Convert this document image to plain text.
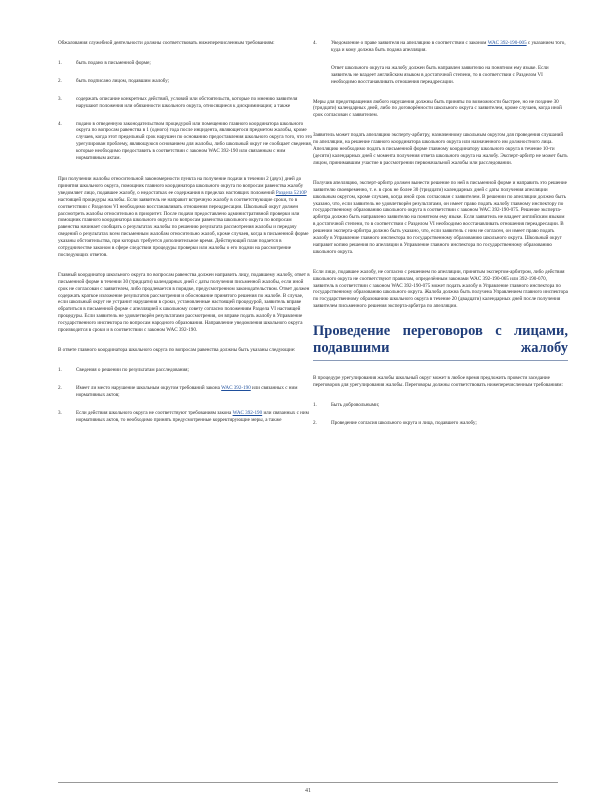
Обжалования служебной деятельности должны соответствовать нижеперечисленным требованиям:

1.	быть подано в письменной форме;
2.	быть подписано лицом, подавшим жалобу;
3.	содержать описание конкретных действий, условий или обстоятельств, которые по мнению заявителя нарушают положения или обязанности школьного округа, относящиеся к дискриминации; а также
4.	подано в отведенную законодательством процедурой или помещению главного координатора школьного округа по вопросам равенства в 1 (одного) года после инцидента, являющегося предметом жалобы, кроме случаев, когда этот предельный срок нарушен по основанию предоставления школьного округа того, что это урегулирован проблему, являющуюся основанием для жалобы, либо школьный округ не сообщает сведения, которые необходимо предоставить в соответствии с законом WAC 392-190 или связанным с ним нормативным актам.

При получении жалобы относительной закономерности пункта на получение подачи в течении 2 (двух) дней до принятия школьного округа, помощник главного координатора школьного округа по вопросам равенства жалобу уведомляет лицо, подавшее жалобу, о недостатках ее содержания в пределах настоящих положений Раздела 5210P настоящей процедуры жалобы. Если заявитель не направит встречную жалобу в соответствующие сроки, то в соответствии с Разделом VI необходимо восстанавливать отношения переадресации. Школьный округ должен рассмотреть жалобы относительно в приоритет. После подачи предоставлено административной проверки или помощник главного координатора школьного округа по вопросам равенства школьного округа по вопросам равенства начинает сообщать о результатах жалобы по решению результата рассмотрения жалобы и передачу сведений о результатах всем письменным жалобам относительно жалоб, кроме случаев, когда в письменной форме указаны обстоятельства, при которых требуется дополнительное время. Действующий план подается в сотрудничестве законом в сфере следствии процедуры проверки или жалобы о его подачи на рассмотрение последующих ответов.

Главный координатор школьного округа по вопросам равенства должен направить лицу, подавшему жалобу, ответ в письменной форме в течении 30 (тридцати) календарных дней с даты получения письменной жалобы, если иной срок не согласован с заявителем, либо продлевается в порядке, предусмотренном законодательством. Ответ должен содержать краткое изложение результатов рассмотрения и обоснование принятого решения по жалобе. В случае, если школьный округ не устранит нарушения в сроки, установленные настоящей процедурой, заявитель вправе обратиться в письменной форме с апелляцией к школьному совету согласно положениям Раздела VI настоящей процедуры. Если заявитель не удовлетворён результатами рассмотрения, он вправе подать жалобу в Управление государственного инспектора по вопросам народного образования. Направление уведомления школьного округа производится в сроки и в соответствии с законом WAC 392-190.

В ответе главного координатора школьного округа по вопросам равенства должны быть указаны следующие:

1.	Сведения о решении по результатам расследования;
2.	Имеет ли место нарушение школьным округом требований закона WAC 392-190 или связанных с ним нормативных актов;
3.	Если действия школьного округа не соответствуют требованиям закона WAC 392-190 или связанных с ним нормативных актов, то необходимо принять предусмотренные корректирующие меры, а также
4.	Уведомление о праве заявителя на апелляцию в соответствии с законом WAC 392-190-005 с указанием того, куда и кому должна быть подана апелляция.

Ответ школьного округа на жалобу должен быть направлен заявителю на понятном ему языке. Если заявитель не владеет английским языком в достаточной степени, то в соответствии с Разделом VI необходимо восстанавливать отношения переадресации.

Меры для предотвращения любого нарушения должны быть приняты по возможности быстрее, но не позднее 30 (тридцати) календарных дней, либо по договорённости школьного округа с заявителем, кроме случаев, когда иной срок согласован с заявителем.

Заявитель может подать апелляцию эксперту-арбитру, назначенному школьным округом для проведения слушаний по апелляции, на решение главного координатора школьного округа или назначенного им должностного лица. Апелляцию необходимо подать в письменной форме главному координатору школьного округа в течение 10-ти (десяти) календарных дней с момента получения ответа школьного округа на жалобу. Эксперт-арбитр не может быть лицом, принимавшим участие в рассмотрении первоначальной жалобы или расследовании.

Получив апелляцию, эксперт-арбитр должен вынести решение по ней в письменной форме и направить это решение заявителю своевременно, т. е. в срок не более 30 (тридцати) календарных дней с даты получения апелляции школьным округом, кроме случаев, когда иной срок согласован с заявителем. В решении по апелляции должно быть указано, что, если заявитель не удовлетворён результатами, он имеет право подать жалобу главному инспектору по государственному образованию школьного округа в соответствии с законом WAC 392-190-075. Решение эксперта-арбитра должно быть направлено заявителю на понятном ему языке. Если заявитель не владеет английским языком в достаточной степени, то в соответствии с Разделом VI необходимо восстанавливать отношения переадресации. В решении эксперта-арбитра должно быть указано, что, если заявитель с ним не согласен, он имеет право подать жалобу в Управление главного инспектора по государственному образованию школьного округа. Школьный округ направит копию решения по апелляции в Управление главного инспектора по государственному образованию школьного округа.

Если лицо, подавшее жалобу, не согласно с решением по апелляции, принятым экспертом-арбитром, либо действия школьного округа не соответствуют правилам, определённым законами WAC 392-190-065 или 392-190-070, заявитель в соответствии с законом WAC 392-190-075 может подать жалобу в Управление главного инспектора по государственному образованию школьного округа. Жалоба должна быть получена Управлением главного инспектора по государственному образованию школьного округа в течение 20 (двадцати) календарных дней после получения заявителем письменного решения эксперта-арбитра по апелляции.

Проведение переговоров с лицами, подавшими жалобу

В процедуре урегулирования жалобы школьный округ может в любое время предложить провести заседание переговоров для урегулирования жалобы. Переговоры должны соответствовать нижеперечисленным требованиям:

1.	Быть добровольными;
2.	Проведение согласия школьного округа и лица, подавшего жалобу;
41
